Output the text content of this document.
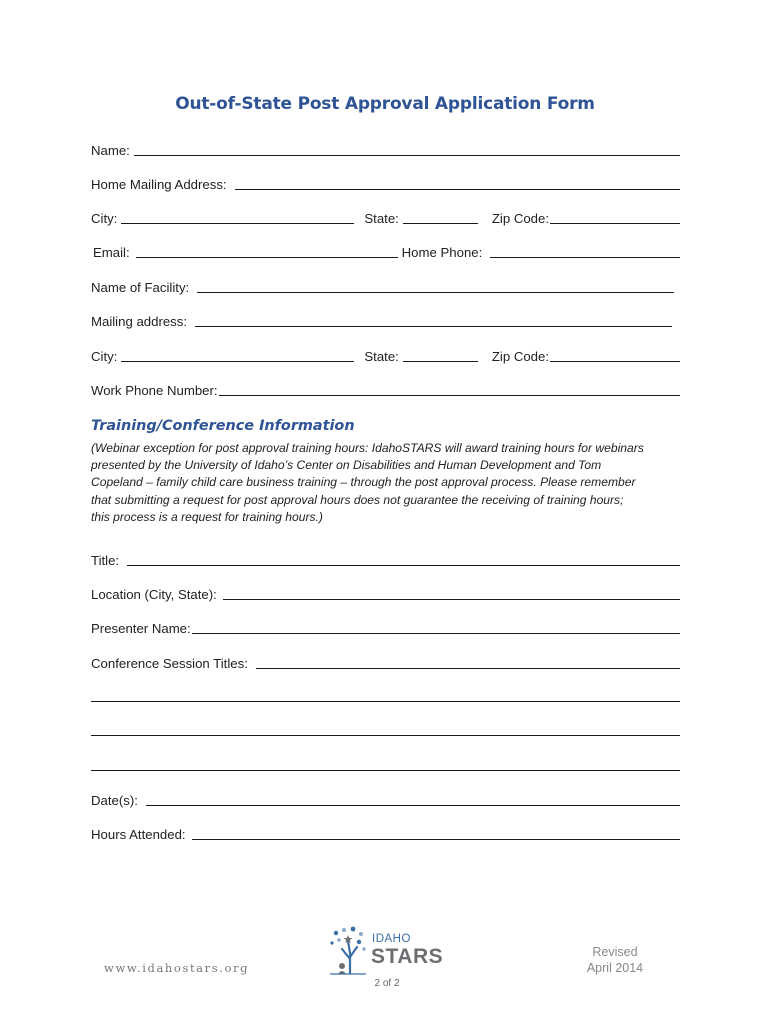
Out-of-State Post Approval Application Form
Name:
Home Mailing Address:
City:	State:	Zip Code:
Email:	Home Phone:
Name of Facility:
Mailing address:
City:	State:	Zip Code:
Work Phone Number:
Training/Conference Information
(Webinar exception for post approval training hours: IdahoSTARS will award training hours for webinars
presented by the University of Idaho’s Center on Disabilities and Human Development and Tom
Copeland – family child care business training – through the post approval process. Please remember
that submitting a request for post approval hours does not guarantee the receiving of training hours;
this process is a request for training hours.)
Title:
Location (City, State):
Presenter Name:
Conference Session Titles:
Date(s):
Hours Attended:
www.idahostars.org
IDAHO
STARS
2 of 2
Revised
April 2014
